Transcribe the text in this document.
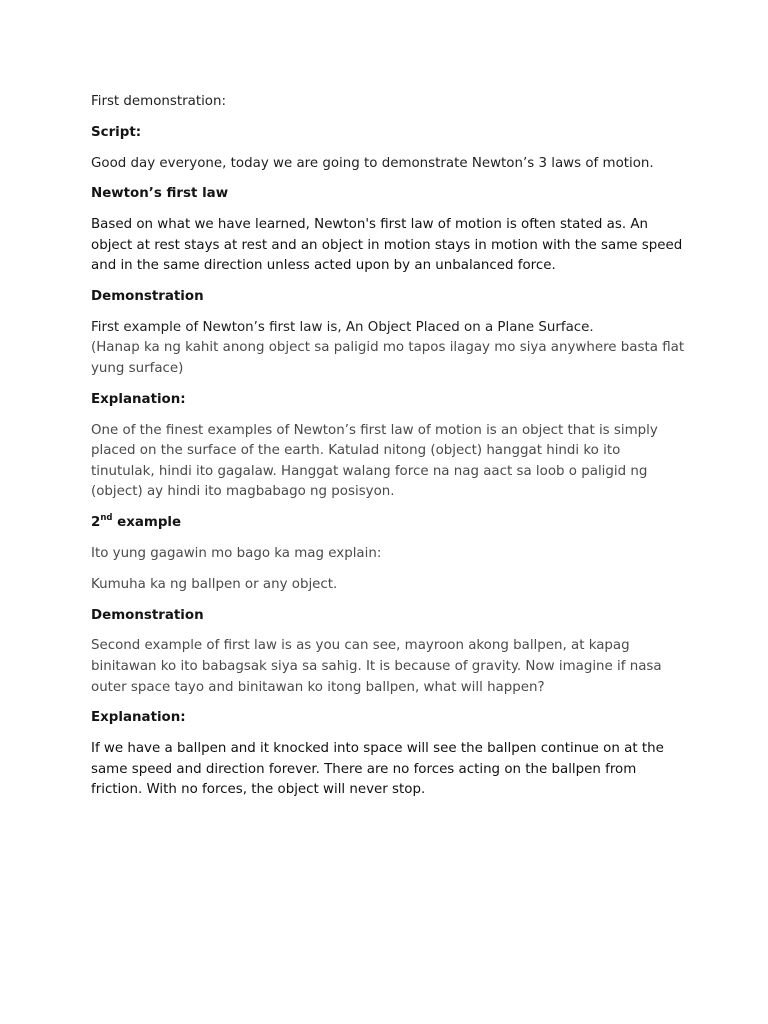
First demonstration:

Script:

Good day everyone, today we are going to demonstrate Newton’s 3 laws of motion.

Newton’s first law

Based on what we have learned, Newton's first law of motion is often stated as. An object at rest stays at rest and an object in motion stays in motion with the same speed and in the same direction unless acted upon by an unbalanced force.

Demonstration

First example of Newton’s first law is, An Object Placed on a Plane Surface.
(Hanap ka ng kahit anong object sa paligid mo tapos ilagay mo siya anywhere basta flat yung surface)

Explanation:

One of the finest examples of Newton’s first law of motion is an object that is simply placed on the surface of the earth. Katulad nitong (object) hanggat hindi ko ito tinutulak, hindi ito gagalaw. Hanggat walang force na nag aact sa loob o paligid ng (object) ay hindi ito magbabago ng posisyon.

2nd example

Ito yung gagawin mo bago ka mag explain:

Kumuha ka ng ballpen or any object.

Demonstration

Second example of first law is as you can see, mayroon akong ballpen, at kapag binitawan ko ito babagsak siya sa sahig. It is because of gravity. Now imagine if nasa outer space tayo and binitawan ko itong ballpen, what will happen?

Explanation:

If we have a ballpen and it knocked into space will see the ballpen continue on at the same speed and direction forever. There are no forces acting on the ballpen from friction. With no forces, the object will never stop.
